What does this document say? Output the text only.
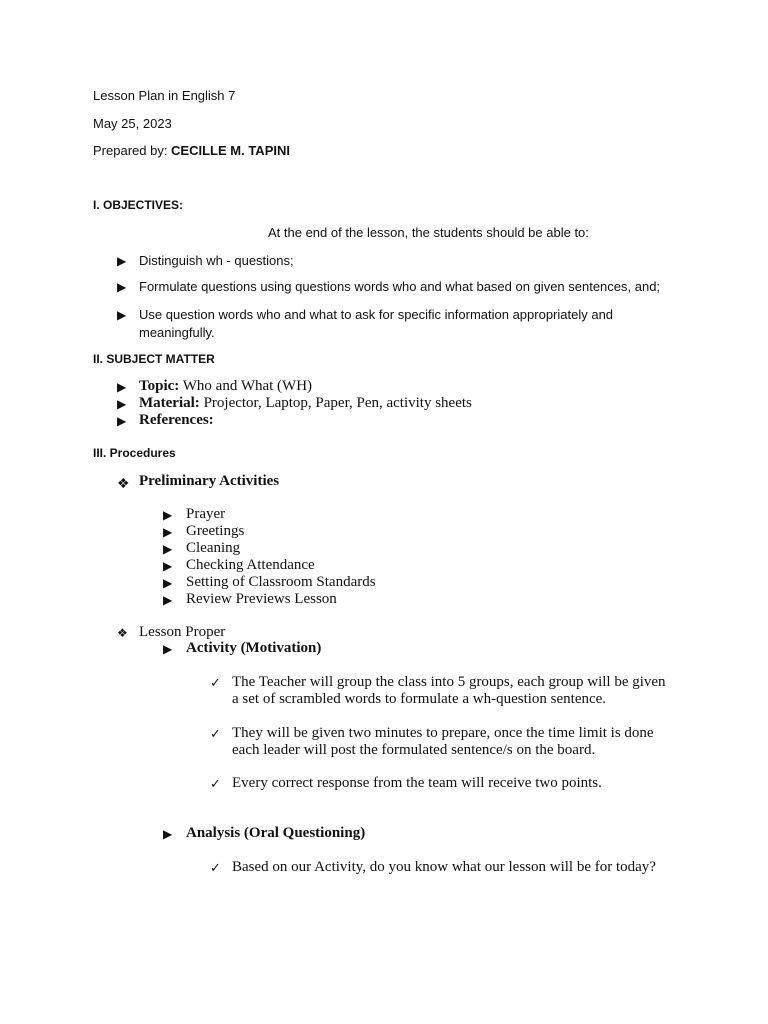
Lesson Plan in English 7
May 25, 2023
Prepared by: CECILLE M. TAPINI
I. OBJECTIVES:
At the end of the lesson, the students should be able to:
▶ Distinguish wh - questions;
▶ Formulate questions using questions words who and what based on given sentences, and;
▶ Use question words who and what to ask for specific information appropriately and meaningfully.
II. SUBJECT MATTER
▶ Topic: Who and What (WH)
▶ Material: Projector, Laptop, Paper, Pen, activity sheets
▶ References:
III. Procedures
❖ Preliminary Activities
▶ Prayer
▶ Greetings
▶ Cleaning
▶ Checking Attendance
▶ Setting of Classroom Standards
▶ Review Previews Lesson
❖ Lesson Proper
▶ Activity (Motivation)
✓ The Teacher will group the class into 5 groups, each group will be given a set of scrambled words to formulate a wh-question sentence.
✓ They will be given two minutes to prepare, once the time limit is done each leader will post the formulated sentence/s on the board.
✓ Every correct response from the team will receive two points.
▶ Analysis (Oral Questioning)
✓ Based on our Activity, do you know what our lesson will be for today?
